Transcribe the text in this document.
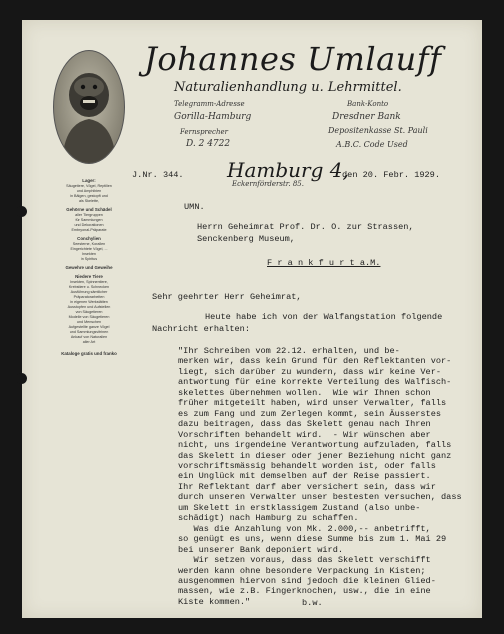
Johannes Umlauff
Naturalienhandlung u. Lehrmittel.
Telegramm-Adresse
Gorilla-Hamburg
Fernsprecher
D. 2 4722
Bank-Konto
Dresdner Bank
Depositenkasse St. Pauli
A.B.C. Code Used
Hamburg 4,
Eckernförderstr. 85.
Lager:
Säugetiere, Vögel, Reptilien
und Amphibien
in Bälgen, gestopft und
als Skelette,
Gehörne und Schädel
aller Tiergruppen
für Sammlungen
und Dekorationen
Embryonal-Präparate
Conchylien
Seesterne, Korallen
Eingerichtete Vögel, ...
Insekten
in Spiritus
Gewehre und Geweihe
Niedere Tiere
Insekten, Spinnentiere,
Krebstiere u. Schnecken
Ausführung sämtlicher
Präparatorarbeiten
in eigenen Werkstätten
Ausstopfen und Aufstellen
von Säugetieren
Modelle von Säugetieren
und Menschen
Aufgestellte ganze Vögel
und Sammlungsvitrinen
Ankauf von Naturalien
aller Art
Kataloge gratis und franko
J.Nr. 344.	den 20. Febr. 1929.
UMN.
Herrn Geheimrat Prof. Dr. O. zur Strassen,
Senckenberg Museum,
F r a n k f u r t a.M.
Sehr geehrter Herr Geheimrat,
Heute habe ich von der Walfangstation folgende
Nachricht erhalten:
"Ihr Schreiben vom 22.12. erhalten, und be-
merken wir, dass kein Grund für den Reflektanten vor-
liegt, sich darüber zu wundern, dass wir keine Ver-
antwortung für eine korrekte Verteilung des Walfisch-
skelettes übernehmen wollen.  Wie wir Ihnen schon
früher mitgeteilt haben, wird unser Verwalter, falls
es zum Fang und zum Zerlegen kommt, sein Äusserstes
dazu beitragen, dass das Skelett genau nach Ihren
Vorschriften behandelt wird.  - Wir wünschen aber
nicht, uns irgendeine Verantwortung aufzuladen, falls
das Skelett in dieser oder jener Beziehung nicht ganz
vorschriftsmässig behandelt worden ist, oder falls
ein Unglück mit demselben auf der Reise passiert.
Ihr Reflektant darf aber versichert sein, dass wir
durch unseren Verwalter unser bestesten versuchen, dass
um Skelett in erstklassigem Zustand (also unbe-
schädigt) nach Hamburg zu schaffen.
Was die Anzahlung von Mk. 2.000,-- anbetrifft,
so genügt es uns, wenn diese Summe bis zum 1. Mai 29
bei unserer Bank deponiert wird.
Wir setzen voraus, dass das Skelett verschifft
werden kann ohne besondere Verpackung in Kisten;
ausgenommen hiervon sind jedoch die kleinen Glied-
massen, wie z.B. Fingerknochen, usw., die in eine
Kiste kommen."	b.w.
